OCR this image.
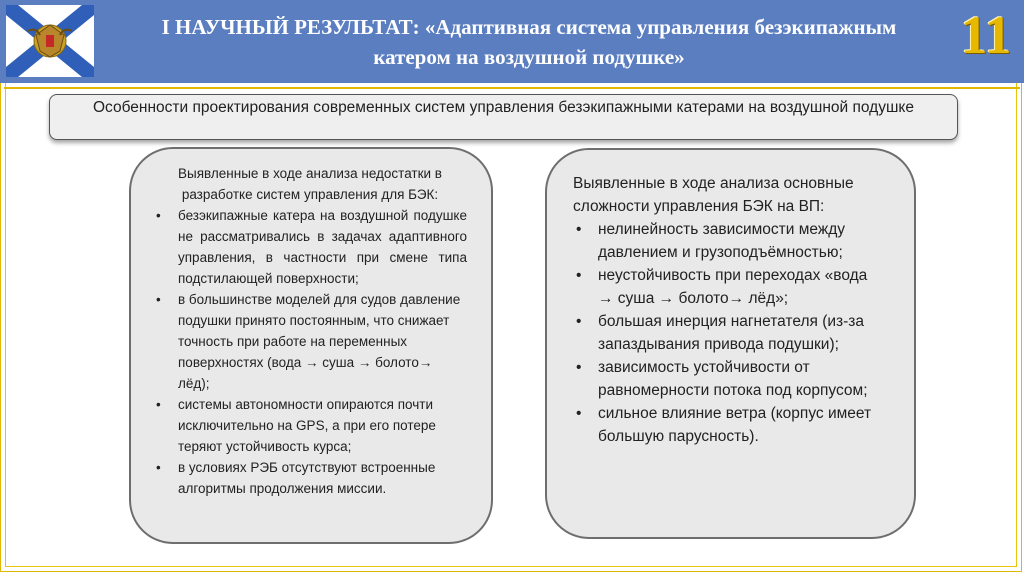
I НАУЧНЫЙ РЕЗУЛЬТАТ: «Адаптивная система управления безэкипажным
катером на воздушной подушке»	11
Особенности проектирования современных систем управления безэкипажными катерами на воздушной подушке
Выявленные в ходе анализа недостатки в разработке систем управления для БЭК:
• безэкипажные катера на воздушной подушке не рассматривались в задачах адаптивного управления, в частности при смене типа подстилающей поверхности;
• в большинстве моделей для судов давление подушки принято постоянным, что снижает точность при работе на переменных поверхностях (вода → суша → болото→ лёд);
• системы автономности опираются почти исключительно на GPS, а при его потере теряют устойчивость курса;
• в условиях РЭБ отсутствуют встроенные алгоритмы продолжения миссии.
Выявленные в ходе анализа основные сложности управления БЭК на ВП:
• нелинейность зависимости между давлением и грузоподъёмностью;
• неустойчивость при переходах «вода → суша → болото→ лёд»;
• большая инерция нагнетателя (из-за запаздывания привода подушки);
• зависимость устойчивости от равномерности потока под корпусом;
• сильное влияние ветра (корпус имеет большую парусность).
